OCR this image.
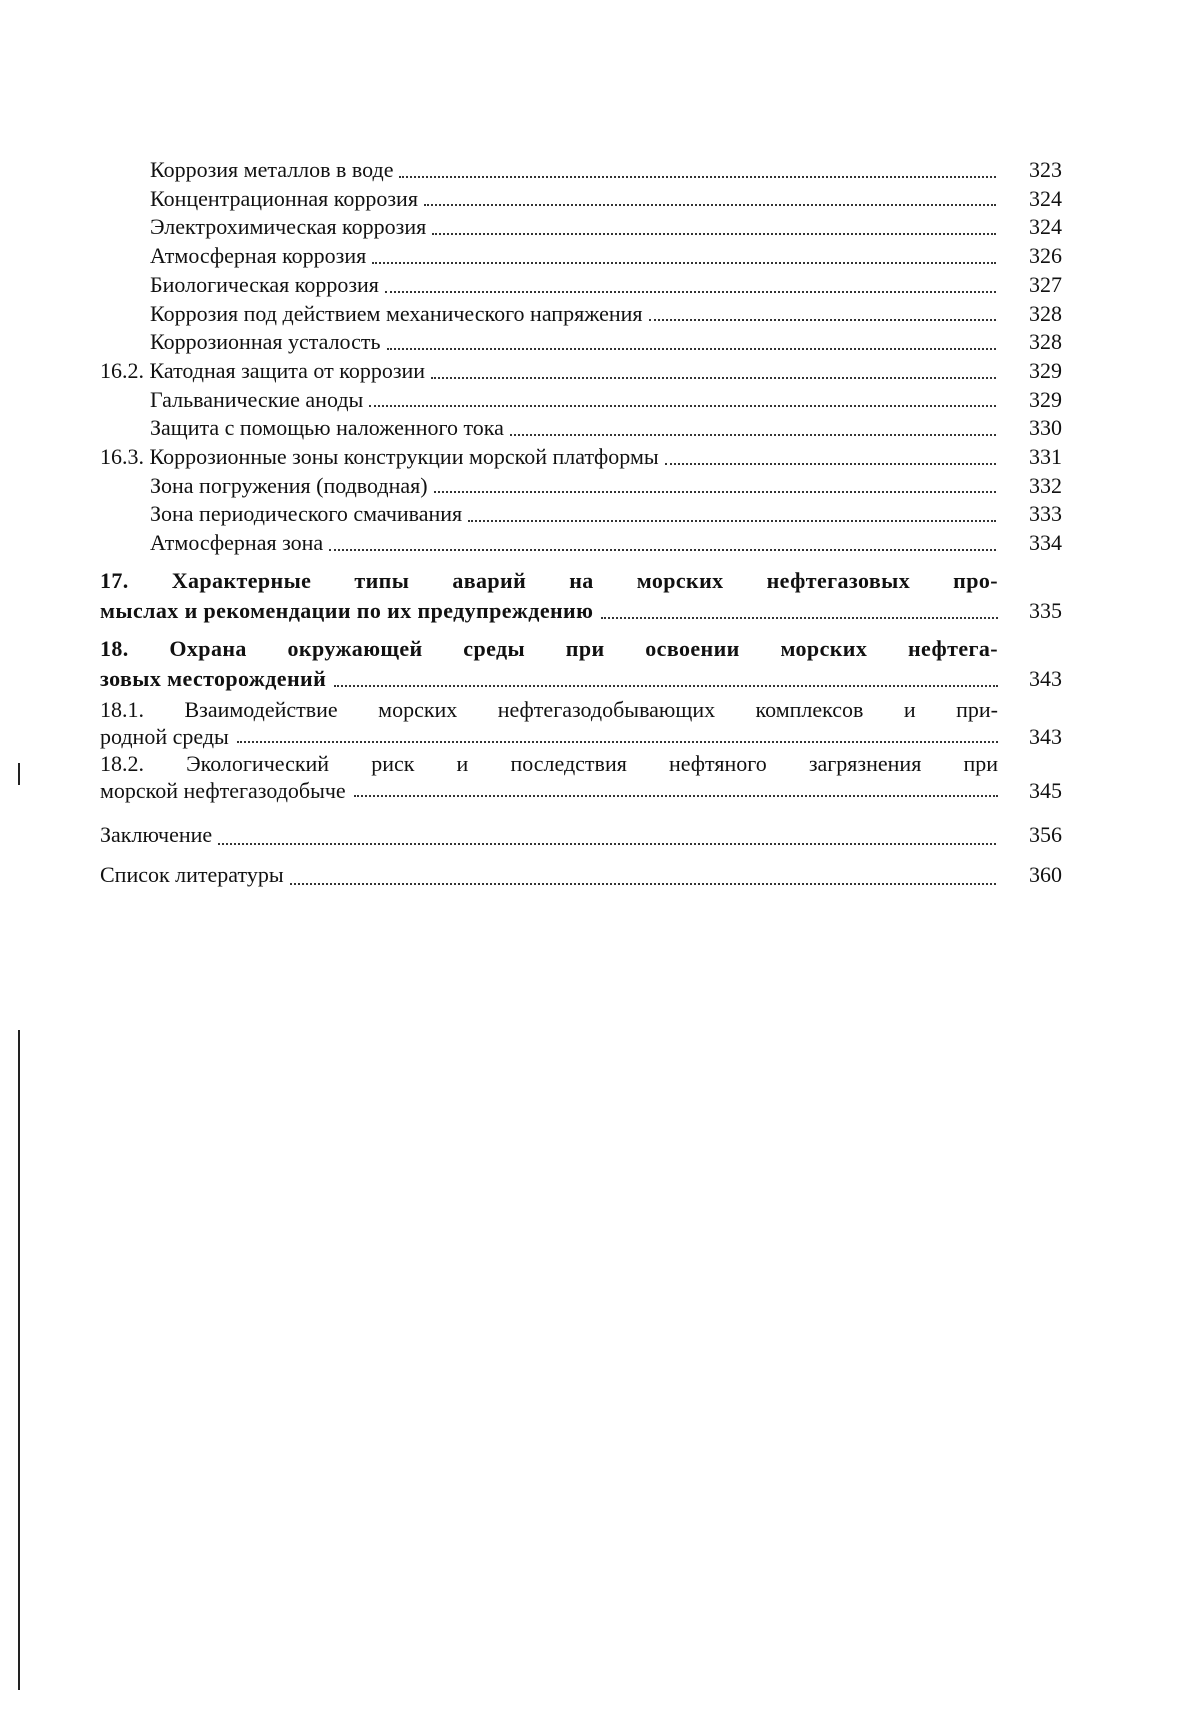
Коррозия металлов в воде	323
Концентрационная коррозия	324
Электрохимическая коррозия	324
Атмосферная коррозия	326
Биологическая коррозия	327
Коррозия под действием механического напряжения	328
Коррозионная усталость	328
16.2. Катодная защита от коррозии	329
Гальванические аноды	329
Защита с помощью наложенного тока	330
16.3. Коррозионные зоны конструкции морской платформы	331
Зона погружения (подводная)	332
Зона периодического смачивания	333
Атмосферная зона	334
17. Характерные типы аварий на морских нефтегазовых про-
мыслах и рекомендации по их предупреждению	335
18. Охрана окружающей среды при освоении морских нефтега-
зовых месторождений	343
18.1. Взаимодействие морских нефтегазодобывающих комплексов и при-
родной среды	343
18.2. Экологический риск и последствия нефтяного загрязнения при
морской нефтегазодобыче	345
Заключение	356
Список литературы	360
